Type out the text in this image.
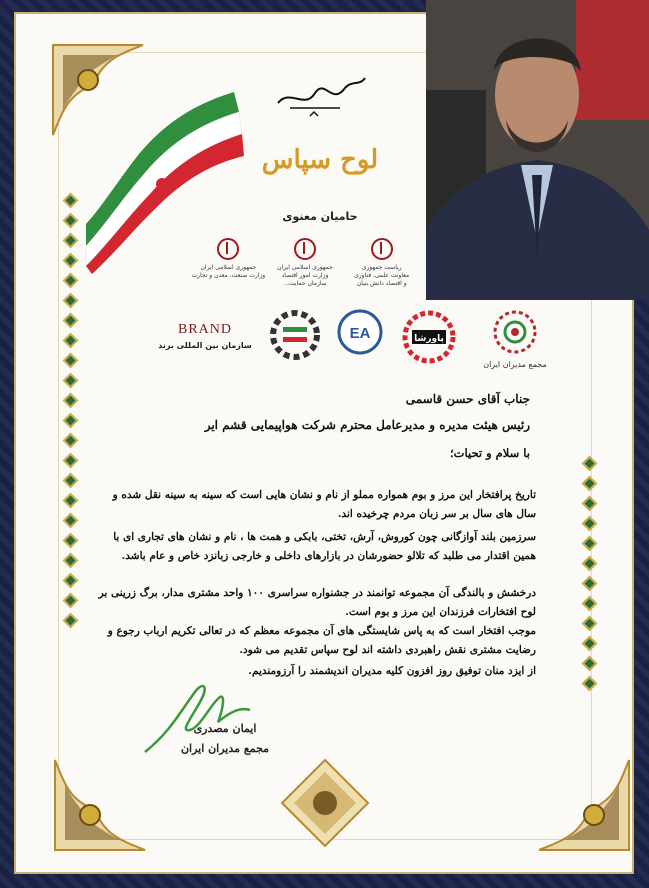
لوح سپاس
حامیان معنوی
جمهوری اسلامی ایران
وزارت صنعت، معدن و تجارت
جمهوری اسلامی ایران
وزارت امور اقتصاد
سازمان حمایت...
ریاست جمهوری
معاونت علمی، فناوری
و اقتصاد دانش بنیان
BRAND
سازمان بین المللی برند
EA	پاورشا
مجمع مدیران ایران
جناب آقای حسن قاسمی
رئیس هیئت مدیره و مدیرعامل محترم شرکت هواپیمایی قشم ایر
با سلام و تحیات؛
تاریخ پرافتخار این مرز و بوم همواره مملو از نام و نشان هایی است که سینه به سینه نقل شده و سال های سال بر سر زبان مردم چرخیده اند.
سرزمین بلند آوازگانی چون کوروش، آرش، تختی، بابکی و همت ها ، نام و نشان های تجاری ای با همین اقتدار می طلبد که تلالو حضورشان در بازارهای داخلی و خارجی زبانزد خاص و عام باشد.
درخشش و بالندگی آن مجموعه توانمند در جشنواره سراسری ۱۰۰ واحد مشتری مدار، برگ زرینی بر لوح افتخارات فرزندان این مرز و بوم است.
موجب افتخار است که به پاس شایستگی های آن مجموعه معظم که در تعالی تکریم ارباب رجوع و رضایت مشتری نقش راهبردی داشته اند لوح سپاس تقدیم می شود.
از ایزد منان توفیق روز افزون کلیه مدیران اندیشمند را آرزومندیم.
ایمان مصدری
مجمع مدیران ایران
